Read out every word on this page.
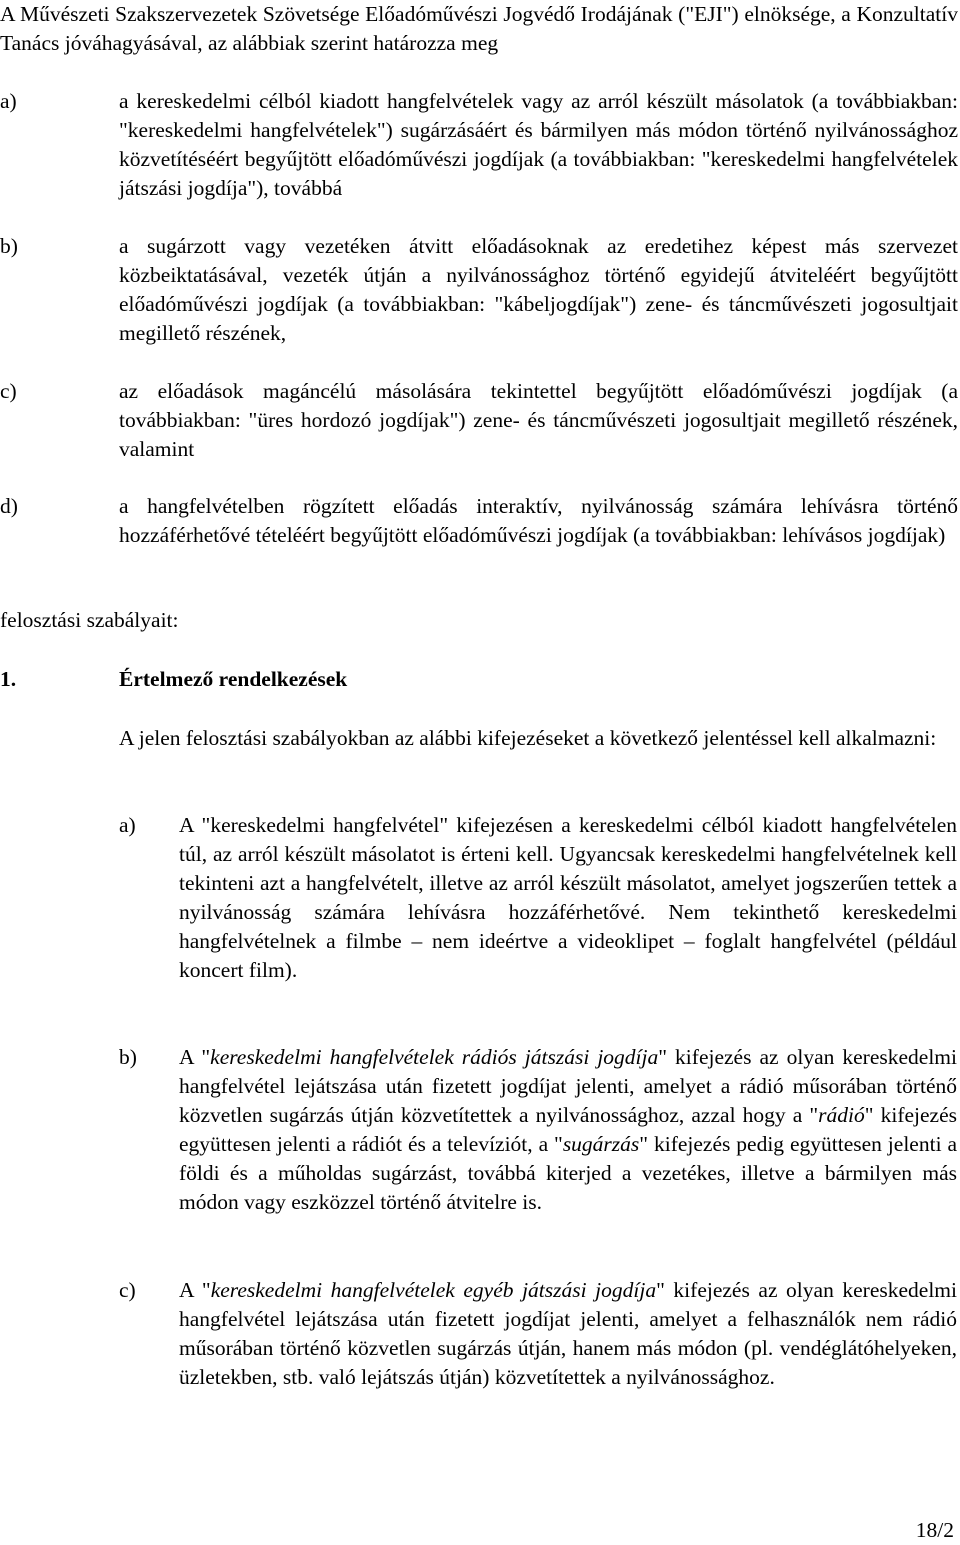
A Művészeti Szakszervezetek Szövetsége Előadóművészi Jogvédő Irodájának ("EJI") elnöksége, a Konzultatív Tanács jóváhagyásával, az alábbiak szerint határozza meg

a)	a kereskedelmi célból kiadott hangfelvételek vagy az arról készült másolatok (a továbbiakban: "kereskedelmi hangfelvételek") sugárzásáért és bármilyen más módon történő nyilvánossághoz közvetítéséért begyűjtött előadóművészi jogdíjak (a továbbiakban: "kereskedelmi hangfelvételek játszási jogdíja"), továbbá

b)	a sugárzott vagy vezetéken átvitt előadásoknak az eredetihez képest más szervezet közbeiktatásával, vezeték útján a nyilvánossághoz történő egyidejű átviteléért begyűjtött előadóművészi jogdíjak (a továbbiakban: "kábeljogdíjak") zene- és táncművészeti jogosultjait megillető részének,

c)	az előadások magáncélú másolására tekintettel begyűjtött előadóművészi jogdíjak (a továbbiakban: "üres hordozó jogdíjak") zene- és táncművészeti jogosultjait megillető részének, valamint

d)	a hangfelvételben rögzített előadás interaktív, nyilvánosság számára lehívásra történő hozzáférhetővé tételéért begyűjtött előadóművészi jogdíjak (a továbbiakban: lehívásos jogdíjak)

felosztási szabályait:

1.	Értelmező rendelkezések

A jelen felosztási szabályokban az alábbi kifejezéseket a következő jelentéssel kell alkalmazni:

a) A "kereskedelmi hangfelvétel" kifejezésen a kereskedelmi célból kiadott hangfelvételen túl, az arról készült másolatot is érteni kell. Ugyancsak kereskedelmi hangfelvételnek kell tekinteni azt a hangfelvételt, illetve az arról készült másolatot, amelyet jogszerűen tettek a nyilvánosság számára lehívásra hozzáférhetővé. Nem tekinthető kereskedelmi hangfelvételnek a filmbe – nem ideértve a videoklipet – foglalt hangfelvétel (például koncert film).

b) A "kereskedelmi hangfelvételek rádiós játszási jogdíja" kifejezés az olyan kereskedelmi hangfelvétel lejátszása után fizetett jogdíjat jelenti, amelyet a rádió műsorában történő közvetlen sugárzás útján közvetítettek a nyilvánossághoz, azzal hogy a "rádió" kifejezés együttesen jelenti a rádiót és a televíziót, a "sugárzás" kifejezés pedig együttesen jelenti a földi és a műholdas sugárzást, továbbá kiterjed a vezetékes, illetve a bármilyen más módon vagy eszközzel történő átvitelre is.

c) A "kereskedelmi hangfelvételek egyéb játszási jogdíja" kifejezés az olyan kereskedelmi hangfelvétel lejátszása után fizetett jogdíjat jelenti, amelyet a felhasználók nem rádió műsorában történő közvetlen sugárzás útján, hanem más módon (pl. vendéglátóhelyeken, üzletekben, stb. való lejátszás útján) közvetítettek a nyilvánossághoz.

18/2
